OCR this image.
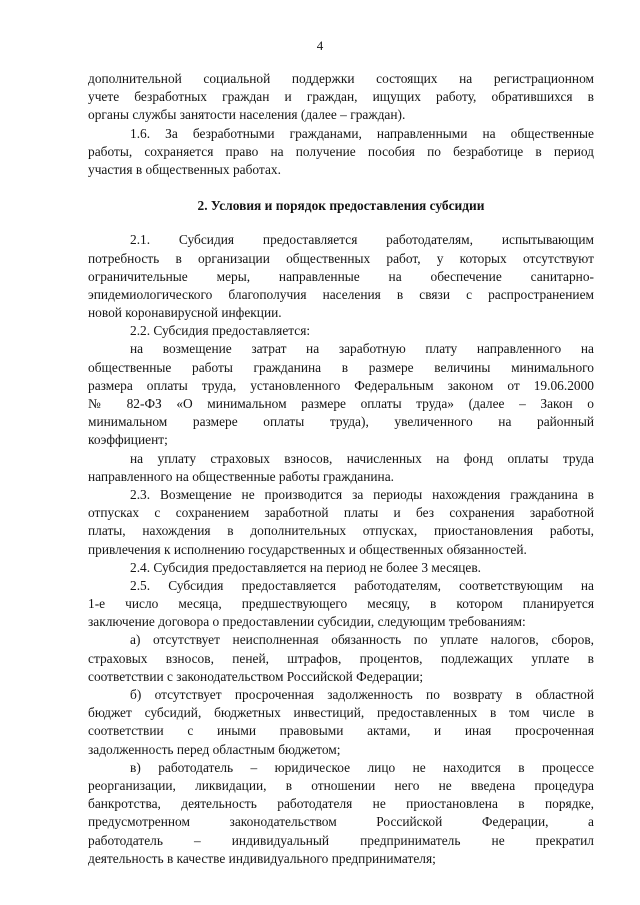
4
дополнительной социальной поддержки состоящих на регистрационном
учете безработных граждан и граждан, ищущих работу, обратившихся в
органы службы занятости населения (далее – граждан).
1.6. За безработными гражданами, направленными на общественные
работы, сохраняется право на получение пособия по безработице в период
участия в общественных работах.
2. Условия и порядок предоставления субсидии
2.1. Субсидия предоставляется работодателям, испытывающим
потребность в организации общественных работ, у которых отсутствуют
ограничительные меры, направленные на обеспечение санитарно-
эпидемиологического благополучия населения в связи с распространением
новой коронавирусной инфекции.
2.2. Субсидия предоставляется:
на возмещение затрат на заработную плату направленного на
общественные работы гражданина в размере величины минимального
размера оплаты труда, установленного Федеральным законом от 19.06.2000
№ 82-ФЗ «О минимальном размере оплаты труда» (далее – Закон о
минимальном размере оплаты труда), увеличенного на районный
коэффициент;
на уплату страховых взносов, начисленных на фонд оплаты труда
направленного на общественные работы гражданина.
2.3. Возмещение не производится за периоды нахождения гражданина в
отпусках с сохранением заработной платы и без сохранения заработной
платы, нахождения в дополнительных отпусках, приостановления работы,
привлечения к исполнению государственных и общественных обязанностей.
2.4. Субсидия предоставляется на период не более 3 месяцев.
2.5. Субсидия предоставляется работодателям, соответствующим на
1-е число месяца, предшествующего месяцу, в котором планируется
заключение договора о предоставлении субсидии, следующим требованиям:
а) отсутствует неисполненная обязанность по уплате налогов, сборов,
страховых взносов, пеней, штрафов, процентов, подлежащих уплате в
соответствии с законодательством Российской Федерации;
б) отсутствует просроченная задолженность по возврату в областной
бюджет субсидий, бюджетных инвестиций, предоставленных в том числе в
соответствии с иными правовыми актами, и иная просроченная
задолженность перед областным бюджетом;
в) работодатель – юридическое лицо не находится в процессе
реорганизации, ликвидации, в отношении него не введена процедура
банкротства, деятельность работодателя не приостановлена в порядке,
предусмотренном законодательством Российской Федерации, а
работодатель – индивидуальный предприниматель не прекратил
деятельность в качестве индивидуального предпринимателя;
